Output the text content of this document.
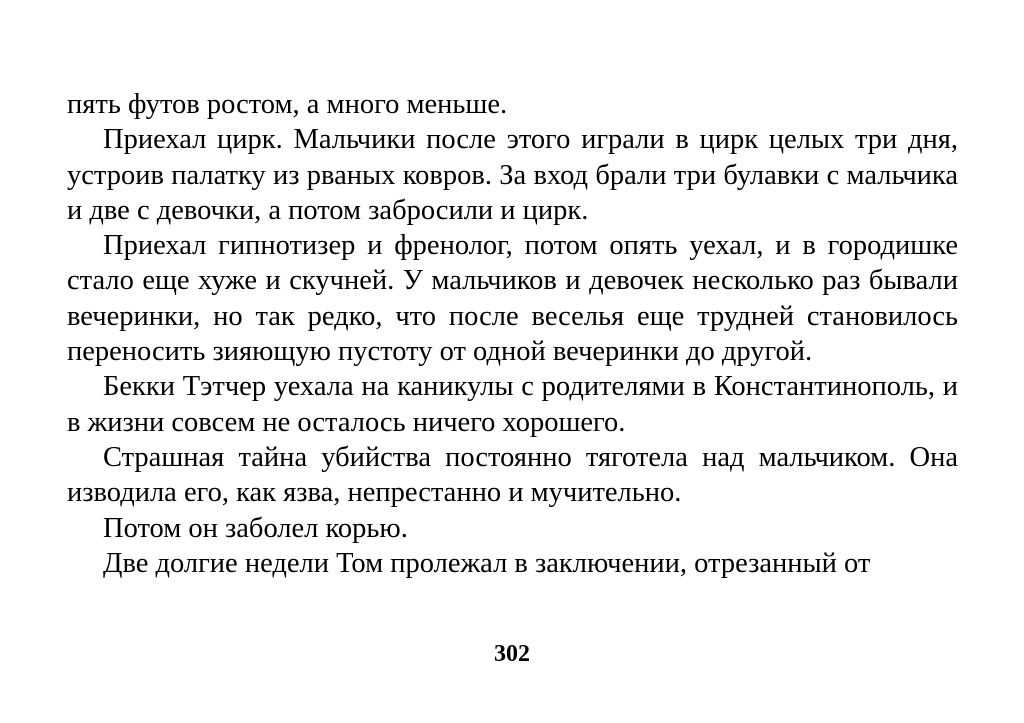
пять футов ростом, а много меньше.

Приехал цирк. Мальчики после этого играли в цирк целых три дня, устроив палатку из рваных ковров. За вход брали три булавки с мальчика и две с девочки, а потом забросили и цирк.

Приехал гипнотизер и френолог, потом опять уехал, и в городишке стало еще хуже и скучней. У мальчиков и девочек несколько раз бывали вечеринки, но так редко, что после веселья еще трудней становилось переносить зияющую пустоту от одной вечеринки до другой.

Бекки Тэтчер уехала на каникулы с родителями в Константинополь, и в жизни совсем не осталось ничего хорошего.

Страшная тайна убийства постоянно тяготела над мальчиком. Она изводила его, как язва, непрестанно и мучительно.

Потом он заболел корью.

Две долгие недели Том пролежал в заключении, отрезанный от

302
